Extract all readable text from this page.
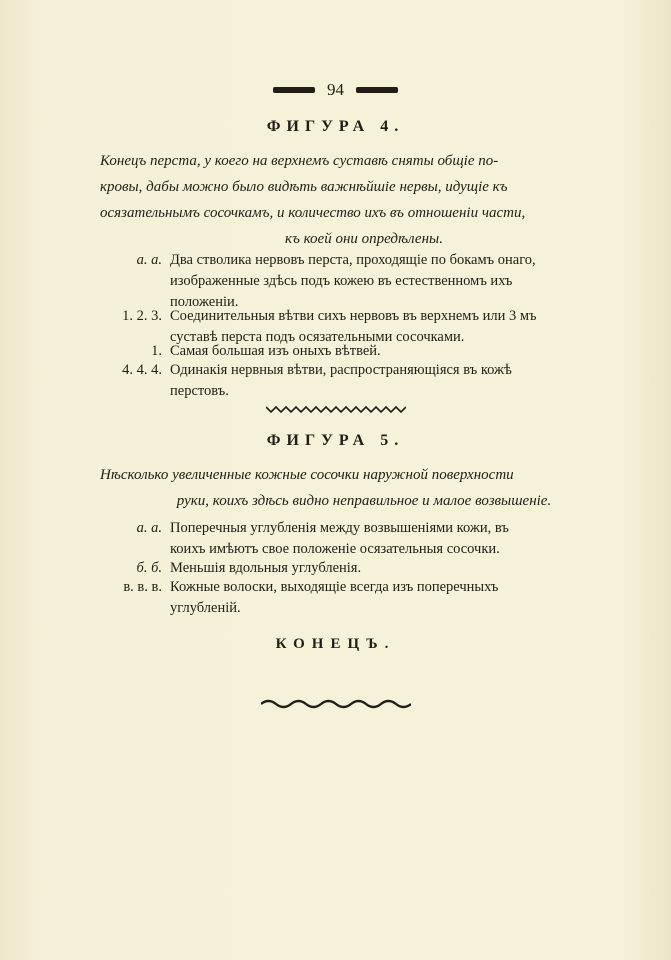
94
ФИГУРА 4.
Конецъ перста, у коего на верхнемъ суставѣ сняты общіе по-
кровы, дабы можно было видѣть важнѣйшіе нервы, идущіе къ
осязательнымъ сосочкамъ, и количество ихъ въ отношеніи части,
къ коей они опредѣлены.
a. a. Два стволика нервовъ перста, проходящіе по бокамъ онаго,
изображенные здѣсь подъ кожею въ естественномъ ихъ
положеніи.
1. 2. 3. Соединительныя вѣтви сихъ нервовъ въ верхнемъ или 3 мъ
суставѣ перста подъ осязательными сосочками.
1. Самая большая изъ оныхъ вѣтвей.
4. 4. 4. Одинакія нервныя вѣтви, распространяющіяся въ кожѣ
перстовъ.
ФИГУРА 5.
Нѣсколько увеличенные кожные сосочки наружной поверхности
руки, коихъ здѣсь видно неправильное и малое возвышеніе.
a. a. Поперечныя углубленія между возвышеніями кожи, въ
коихъ имѣютъ свое положеніе осязательныя сосочки.
б. б. Меньшія вдольныя углубленія.
в. в. в. Кожные волоски, выходящіе всегда изъ поперечныхъ
углубленій.
КОНЕЦЪ.
